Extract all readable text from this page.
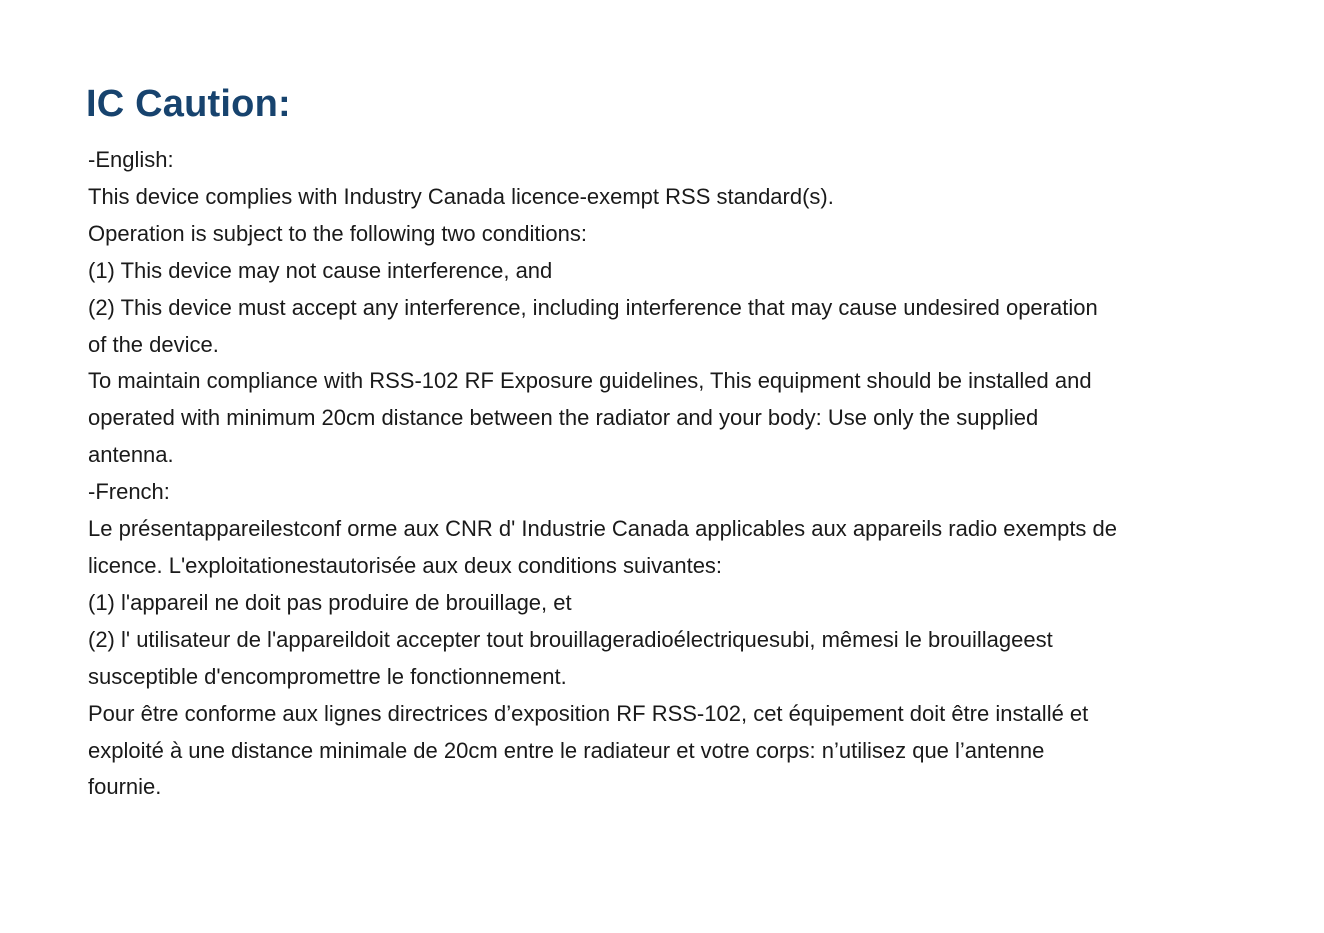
IC Caution:

-English:

This device complies with Industry Canada licence-exempt RSS standard(s).

Operation is subject to the following two conditions:

(1) This device may not cause interference, and

(2) This device must accept any interference, including interference that may cause undesired operation

of the device.

To maintain compliance with RSS-102 RF Exposure guidelines, This equipment should be installed and

operated with minimum 20cm distance between the radiator and your body: Use only the supplied

antenna.

-French:

Le présentappareilestconf orme aux CNR d' Industrie Canada applicables aux appareils radio exempts de

licence. L'exploitationestautorisée aux deux conditions suivantes:

(1) l'appareil ne doit pas produire de brouillage, et

(2) l' utilisateur de l'appareildoit accepter tout brouillageradioélectriquesubi, mêmesi le brouillageest

susceptible d'encompromettre le fonctionnement.

Pour être conforme aux lignes directrices d’exposition RF RSS-102, cet équipement doit être installé et

exploité à une distance minimale de 20cm entre le radiateur et votre corps: n’utilisez que l’antenne

fournie.
